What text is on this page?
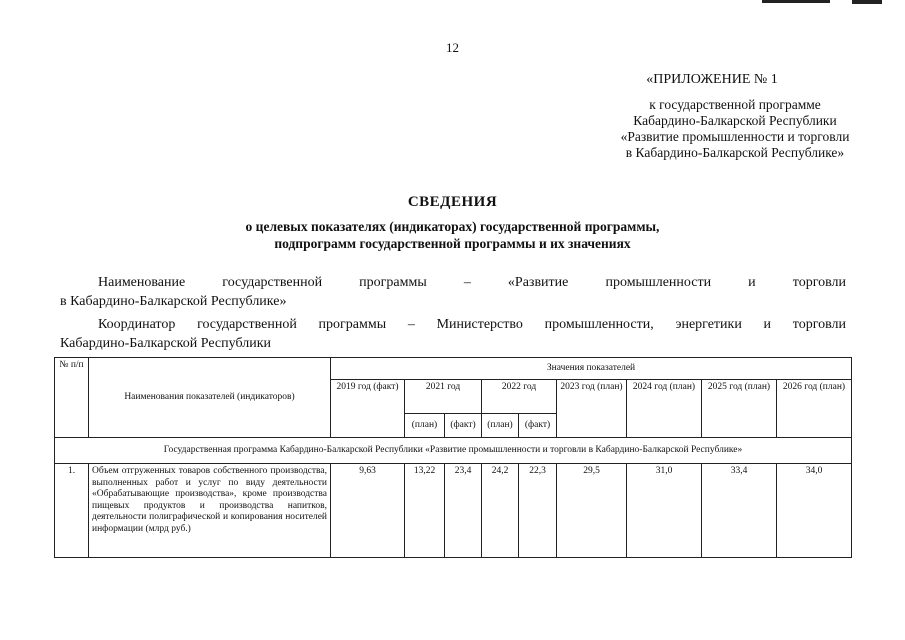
12
«ПРИЛОЖЕНИЕ № 1
к государственной программе
Кабардино-Балкарской Республики
«Развитие промышленности и торговли
в Кабардино-Балкарской Республике»
СВЕДЕНИЯ
о целевых показателях (индикаторах) государственной программы,
подпрограмм государственной программы и их значениях
Наименование государственной программы – «Развитие промышленности и торговли
в Кабардино-Балкарской Республике»
Координатор государственной программы – Министерство промышленности, энергетики и торговли
Кабардино-Балкарской Республики
№ п/п	Наименования показателей (индикаторов)	Значения показателей								
		2019 год (факт)	2021 год		2022 год		2023 год (план)	2024 год (план)	2025 год (план)	2026 год (план)
			(план)	(факт)	(план)	(факт)				
Государственная программа Кабардино-Балкарской Республики «Развитие промышленности и торговли в Кабардино-Балкарской Республике»										
1.	Объем отгруженных товаров собственного производства, выполненных работ и услуг по виду деятельности «Обрабатывающие производства», кроме производства пищевых продуктов и производства напитков, деятельности полиграфической и копирования носителей информации (млрд руб.)	9,63	13,22	23,4	24,2	22,3	29,5	31,0	33,4	34,0
